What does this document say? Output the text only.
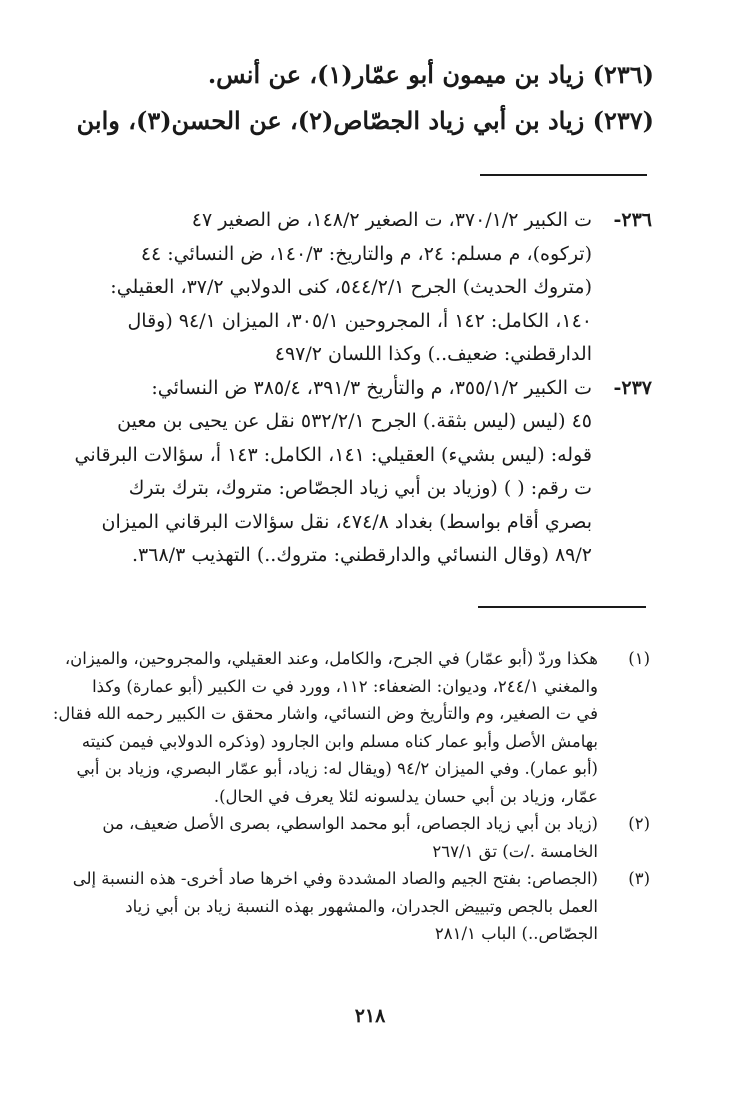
(٢٣٦) زياد بن ميمون أبو عمّار(١)، عن أنس.
(٢٣٧) زياد بن أبي زياد الجصّاص(٢)، عن الحسن(٣)، وابن
٢٣٦-
ت الكبير ٣٧٠/١/٢، ت الصغير ١٤٨/٢، ض الصغير ٤٧
(تركوه)، م مسلم: ٢٤، م والتاريخ: ١٤٠/٣، ض النسائي: ٤٤
(متروك الحديث) الجرح ٥٤٤/٢/١، كنى الدولابي ٣٧/٢، العقيلي:
١٤٠، الكامل: ١٤٢ أ، المجروحين ٣٠٥/١، الميزان ٩٤/١ (وقال
الدارقطني: ضعيف..) وكذا اللسان ٤٩٧/٢
٢٣٧-
ت الكبير ٣٥٥/١/٢، م والتأريخ ٣٩١/٣، ٣٨٥/٤ ض النسائي:
٤٥ (ليس (ليس بثقة.) الجرح ٥٣٢/٢/١ نقل عن يحيى بن معين
قوله: (ليس بشيء) العقيلي: ١٤١، الكامل: ١٤٣ أ، سؤالات البرقاني
ت رقم: ( ) (وزياد بن أبي زياد الجصّاص: متروك، بترك بترك
بصري أقام بواسط) بغداد ٤٧٤/٨، نقل سؤالات البرقاني الميزان
٨٩/٢ (وقال النسائي والدارقطني: متروك..) التهذيب ٣٦٨/٣.
(١)
هكذا وردّ (أبو عمّار) في الجرح، والكامل، وعند العقيلي، والمجروحين، والميزان،
والمغني ٢٤٤/١، وديوان: الضعفاء: ١١٢، وورد في ت الكبير (أبو عمارة) وكذا
في ت الصغير، وم والتأريخ وض النسائي، واشار محقق ت الكبير رحمه الله فقال:
بهامش الأصل وأبو عمار كناه مسلم وابن الجارود (وذكره الدولابي فيمن كنيته
(أبو عمار). وفي الميزان ٩٤/٢ (ويقال له: زياد، أبو عمّار البصري، وزياد بن أبي
عمّار، وزياد بن أبي حسان يدلسونه لئلا يعرف في الحال).
(٢)
(زياد بن أبي زياد الجصاص، أبو محمد الواسطي، بصرى الأصل ضعيف، من
الخامسة ./ت) تق ٢٦٧/١
(٣)
(الجصاص: بفتح الجيم والصاد المشددة وفي اخرها صاد أخرى- هذه النسبة إلى
العمل بالجص وتبييض الجدران، والمشهور بهذه النسبة زياد بن أبي زياد
الجصّاص..) الباب ٢٨١/١
٢١٨
